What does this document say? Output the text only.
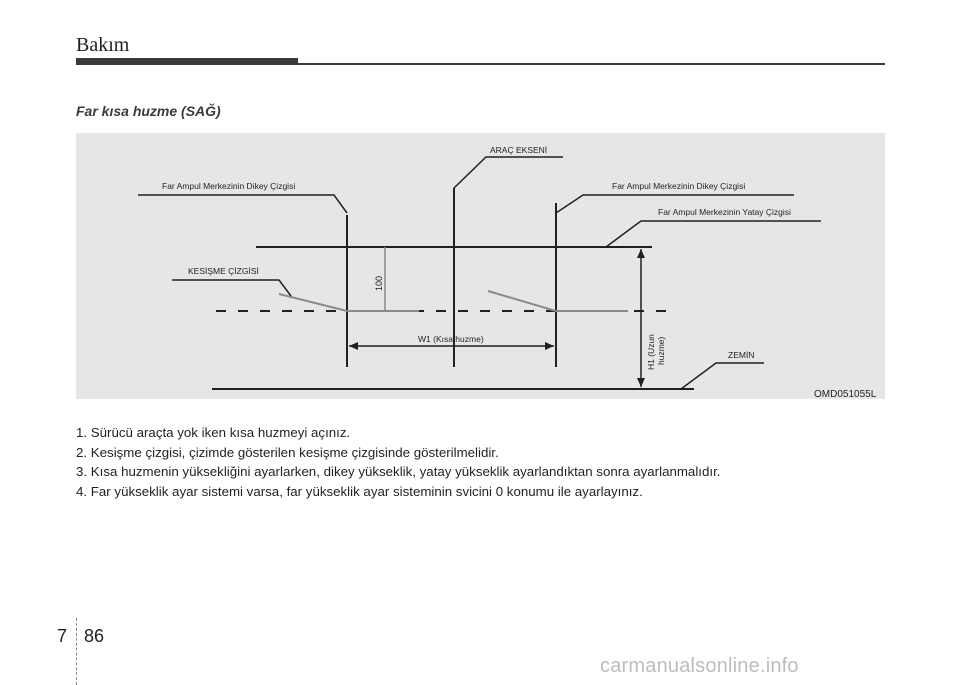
Bakım
Far kısa huzme (SAĞ)
ARAÇ EKSENİ
Far Ampul Merkezinin Dikey Çizgisi	Far Ampul Merkezinin Dikey Çizgisi
Far Ampul Merkezinin Yatay Çizgisi
KESİŞME ÇİZGİSİ
100
W1 (Kısa huzme)	H1 (Uzun huzme)	ZEMİN
OMD051055L
1. Sürücü araçta yok iken kısa huzmeyi açınız.
2. Kesişme çizgisi, çizimde gösterilen kesişme çizgisinde gösterilmelidir.
3. Kısa huzmenin yüksekliğini ayarlarken, dikey yükseklik, yatay yükseklik ayarlandıktan sonra ayarlanmalıdır.
4. Far yükseklik ayar sistemi varsa, far yükseklik ayar sisteminin svicini 0 konumu ile ayarlayınız.
7 86
carmanualsonline.info
